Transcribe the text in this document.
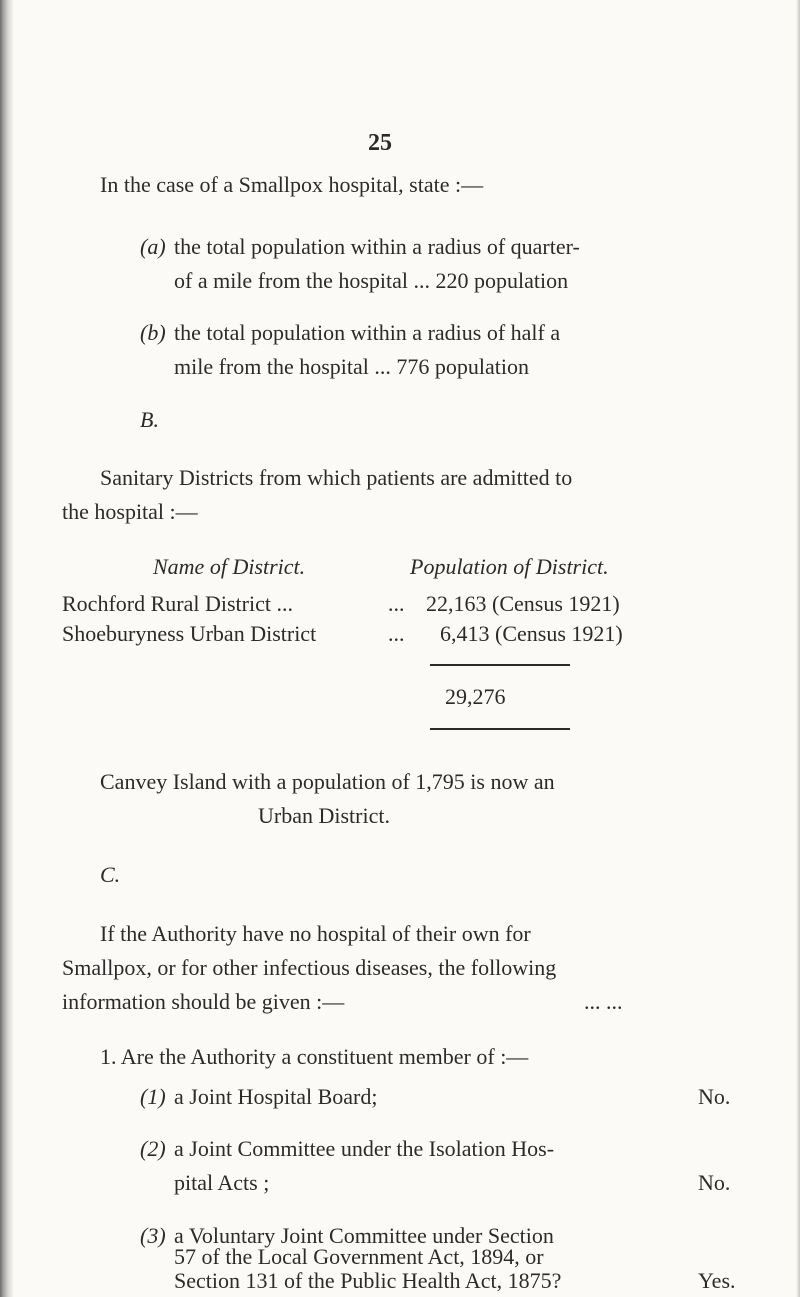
25
In the case of a Smallpox hospital, state :—
(a) the total population within a radius of quarter-
of a mile from the hospital ... 220 population
(b) the total population within a radius of half a
mile from the hospital ... 776 population
B.
Sanitary Districts from which patients are admitted to
the hospital :—
Name of District.	Population of District.
Rochford Rural District ...	... 22,163 (Census 1921)
Shoeburyness Urban District	... 6,413 (Census 1921)
29,276
Canvey Island with a population of 1,795 is now an
Urban District.
C.
If the Authority have no hospital of their own for
Smallpox, or for other infectious diseases, the following
information should be given :—	... ...
1. Are the Authority a constituent member of :—
(1) a Joint Hospital Board;	No.
(2) a Joint Committee under the Isolation Hos-
pital Acts ;	No.
(3) a Voluntary Joint Committee under Section
57 of the Local Government Act, 1894, or
Section 131 of the Public Health Act, 1875?	Yes.
